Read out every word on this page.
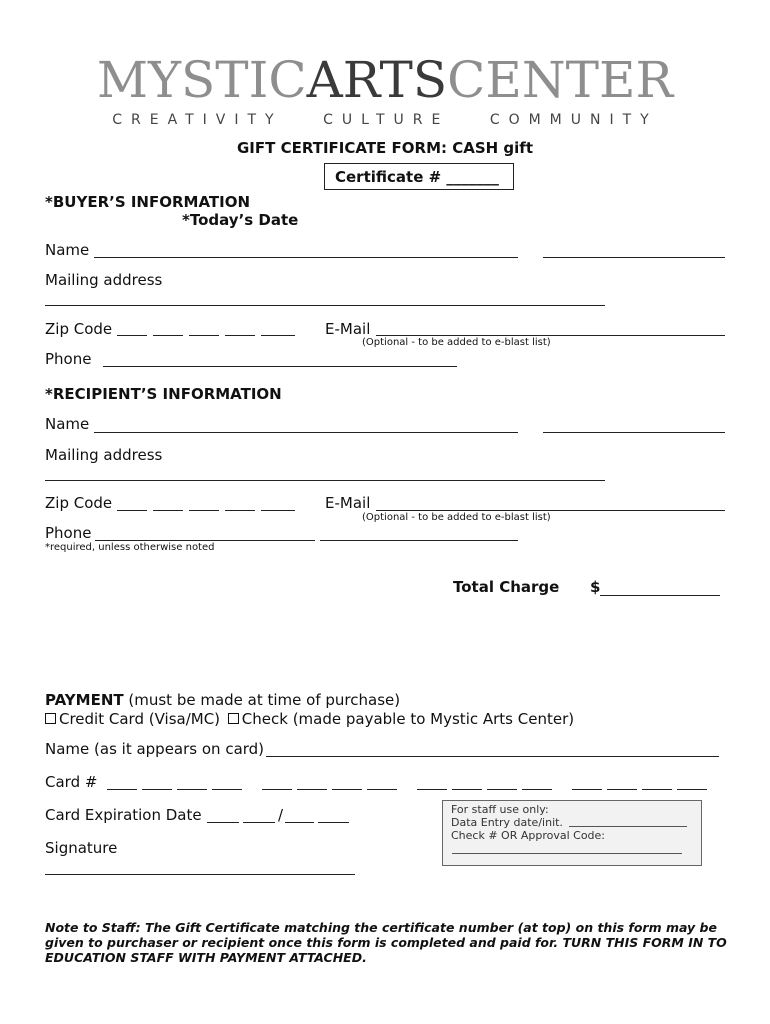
MYSTICARTSCENTER
CREATIVITY	CULTURE	COMMUNITY
GIFT CERTIFICATE FORM: CASH gift
Certificate # _______
*BUYER’S INFORMATION
*Today’s Date
Name
Mailing address
Zip Code	E-Mail
(Optional - to be added to e-blast list)
Phone
*RECIPIENT’S INFORMATION
Name
Mailing address
Zip Code	E-Mail
(Optional - to be added to e-blast list)
Phone
*required, unless otherwise noted
Total Charge $
PAYMENT (must be made at time of purchase)
Credit Card (Visa/MC) Check (made payable to Mystic Arts Center)
Name (as it appears on card)
Card #
Card Expiration Date	/
Signature
For staff use only:
Data Entry date/init.
Check # OR Approval Code:
Note to Staff: The Gift Certificate matching the certificate number (at top) on this form may be given to purchaser or recipient once this form is completed and paid for. TURN THIS FORM IN TO EDUCATION STAFF WITH PAYMENT ATTACHED.
